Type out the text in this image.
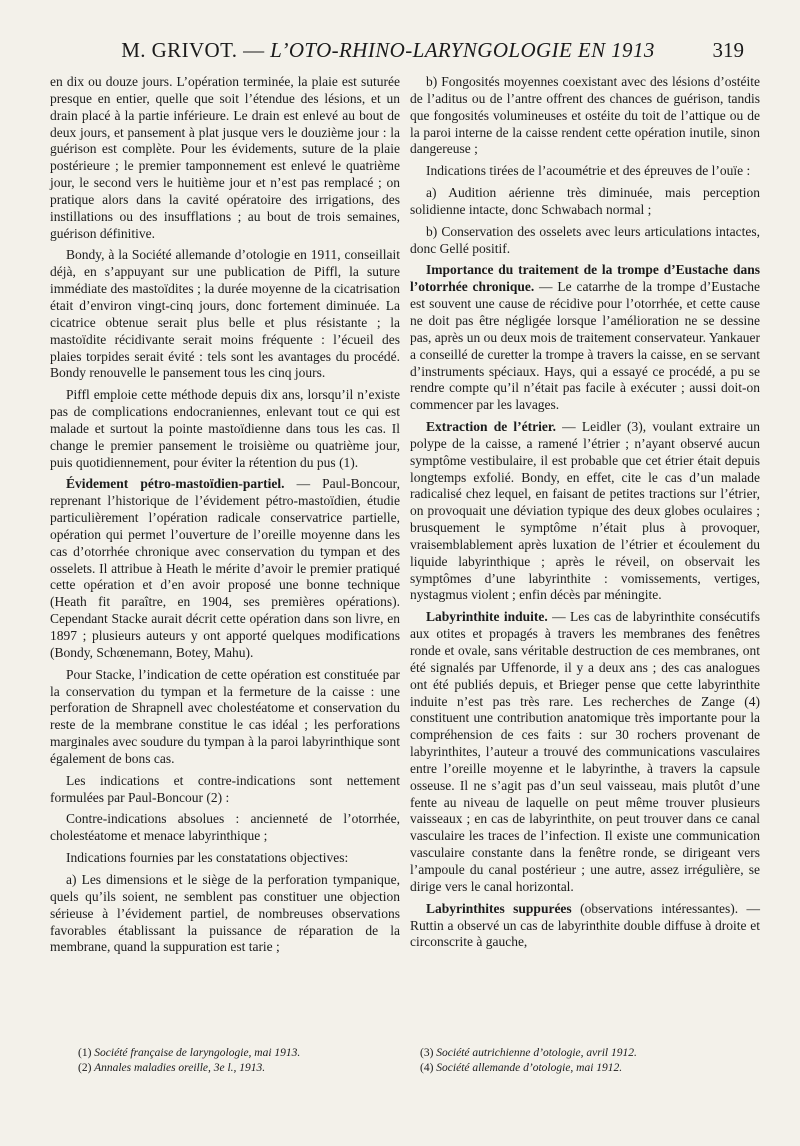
M. GRIVOT. — L’OTO-RHINO-LARYNGOLOGIE EN 1913	319

en dix ou douze jours. L’opération terminée, la plaie est suturée presque en entier, quelle que soit l’étendue des lésions, et un drain placé à la partie inférieure. Le drain est enlevé au bout de deux jours, et pansement à plat jusque vers le douzième jour : la guérison est complète. Pour les évidements, suture de la plaie postérieure ; le premier tamponnement est enlevé le quatrième jour, le second vers le huitième jour et n’est pas remplacé ; on pratique alors dans la cavité opératoire des irrigations, des instillations ou des insufflations ; au bout de trois semaines, guérison définitive.

Bondy, à la Société allemande d’otologie en 1911, conseillait déjà, en s’appuyant sur une publication de Piffl, la suture immédiate des mastoïdites ; la durée moyenne de la cicatrisation était d’environ vingt-cinq jours, donc fortement diminuée. La cicatrice obtenue serait plus belle et plus résistante ; la mastoïdite récidivante serait moins fréquente : l’écueil des plaies torpides serait évité : tels sont les avantages du procédé. Bondy renouvelle le pansement tous les cinq jours.

Piffl emploie cette méthode depuis dix ans, lorsqu’il n’existe pas de complications endocraniennes, enlevant tout ce qui est malade et surtout la pointe mastoïdienne dans tous les cas. Il change le premier pansement le troisième ou quatrième jour, puis quotidiennement, pour éviter la rétention du pus (1).

Évidement pétro-mastoïdien-partiel. — Paul-Boncour, reprenant l’historique de l’évidement pétro-mastoïdien, étudie particulièrement l’opération radicale conservatrice partielle, opération qui permet l’ouverture de l’oreille moyenne dans les cas d’otorrhée chronique avec conservation du tympan et des osselets. Il attribue à Heath le mérite d’avoir le premier pratiqué cette opération et d’en avoir proposé une bonne technique (Heath fit paraître, en 1904, ses premières opérations). Cependant Stacke aurait décrit cette opération dans son livre, en 1897 ; plusieurs auteurs y ont apporté quelques modifications (Bondy, Schœnemann, Botey, Mahu).

Pour Stacke, l’indication de cette opération est constituée par la conservation du tympan et la fermeture de la caisse : une perforation de Shrapnell avec cholestéatome et conservation du reste de la membrane constitue le cas idéal ; les perforations marginales avec soudure du tympan à la paroi labyrinthique sont également de bons cas.

Les indications et contre-indications sont nettement formulées par Paul-Boncour (2) :

Contre-indications absolues : ancienneté de l’otorrhée, cholestéatome et menace labyrinthique ;

Indications fournies par les constatations objectives:

a) Les dimensions et le siège de la perforation tympanique, quels qu’ils soient, ne semblent pas constituer une objection sérieuse à l’évidement partiel, de nombreuses observations favorables établissant la puissance de réparation de la membrane, quand la suppuration est tarie ;

b) Fongosités moyennes coexistant avec des lésions d’ostéite de l’aditus ou de l’antre offrent des chances de guérison, tandis que fongosités volumineuses et ostéite du toit de l’attique ou de la paroi interne de la caisse rendent cette opération inutile, sinon dangereuse ;

Indications tirées de l’acoumétrie et des épreuves de l’ouïe :

a) Audition aérienne très diminuée, mais perception solidienne intacte, donc Schwabach normal ;

b) Conservation des osselets avec leurs articulations intactes, donc Gellé positif.

Importance du traitement de la trompe d’Eustache dans l’otorrhée chronique. — Le catarrhe de la trompe d’Eustache est souvent une cause de récidive pour l’otorrhée, et cette cause ne doit pas être négligée lorsque l’amélioration ne se dessine pas, après un ou deux mois de traitement conservateur. Yankauer a conseillé de curetter la trompe à travers la caisse, en se servant d’instruments spéciaux. Hays, qui a essayé ce procédé, a pu se rendre compte qu’il n’était pas facile à exécuter ; aussi doit-on commencer par les lavages.

Extraction de l’étrier. — Leidler (3), voulant extraire un polype de la caisse, a ramené l’étrier ; n’ayant observé aucun symptôme vestibulaire, il est probable que cet étrier était depuis longtemps exfolié. Bondy, en effet, cite le cas d’un malade radicalisé chez lequel, en faisant de petites tractions sur l’étrier, on provoquait une déviation typique des deux globes oculaires ; brusquement le symptôme n’était plus à provoquer, vraisemblablement après luxation de l’étrier et écoulement du liquide labyrinthique ; après le réveil, on observait les symptômes d’une labyrinthite : vomissements, vertiges, nystagmus violent ; enfin décès par méningite.

Labyrinthite induite. — Les cas de labyrinthite consécutifs aux otites et propagés à travers les membranes des fenêtres ronde et ovale, sans véritable destruction de ces membranes, ont été signalés par Uffenorde, il y a deux ans ; des cas analogues ont été publiés depuis, et Brieger pense que cette labyrinthite induite n’est pas très rare. Les recherches de Zange (4) constituent une contribution anatomique très importante pour la compréhension de ces faits : sur 30 rochers provenant de labyrinthites, l’auteur a trouvé des communications vasculaires entre l’oreille moyenne et le labyrinthe, à travers la capsule osseuse. Il ne s’agit pas d’un seul vaisseau, mais plutôt d’une fente au niveau de laquelle on peut même trouver plusieurs vaisseaux ; en cas de labyrinthite, on peut trouver dans ce canal vasculaire les traces de l’infection. Il existe une communication vasculaire constante dans la fenêtre ronde, se dirigeant vers l’ampoule du canal postérieur ; une autre, assez irrégulière, se dirige vers le canal horizontal.

Labyrinthites suppurées (observations intéressantes). — Ruttin a observé un cas de labyrinthite double diffuse à droite et circonscrite à gauche,

(1) Société française de laryngologie, mai 1913.
(2) Annales maladies oreille, 3e l., 1913.
(3) Société autrichienne d’otologie, avril 1912.
(4) Société allemande d’otologie, mai 1912.
